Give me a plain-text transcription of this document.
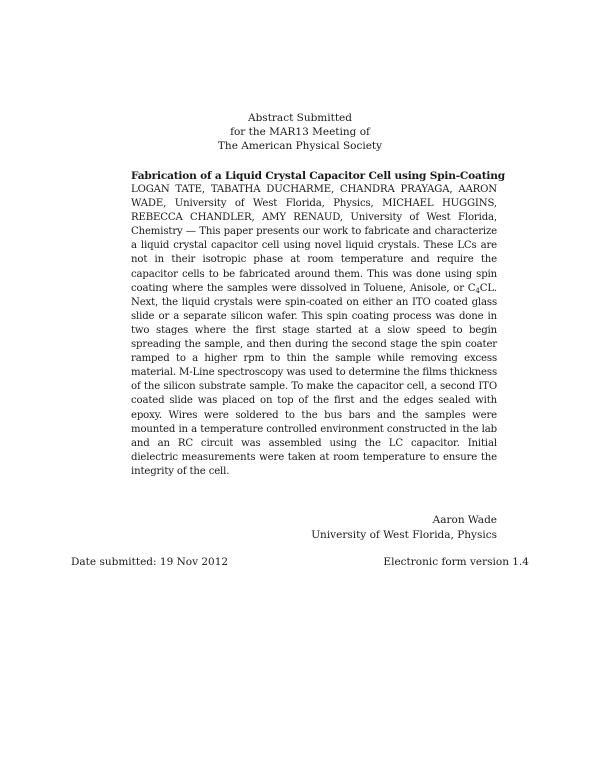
Abstract Submitted
for the MAR13 Meeting of
The American Physical Society
Fabrication of a Liquid Crystal Capacitor Cell using Spin-Coating
LOGAN TATE, TABATHA DUCHARME, CHANDRA PRAYAGA, AARON WADE, University of West Florida, Physics, MICHAEL HUGGINS, REBECCA CHANDLER, AMY RENAUD, University of West Florida, Chemistry — This paper presents our work to fabricate and characterize a liquid crystal capacitor cell using novel liquid crystals. These LCs are not in their isotropic phase at room temperature and require the capacitor cells to be fabricated around them. This was done using spin coating where the samples were dissolved in Toluene, Anisole, or $C_4CL$. Next, the liquid crystals were spin-coated on either an ITO coated glass slide or a separate silicon wafer. This spin coating process was done in two stages where the first stage started at a slow speed to begin spreading the sample, and then during the second stage the spin coater ramped to a higher rpm to thin the sample while removing excess material. M-Line spectroscopy was used to determine the films thickness of the silicon substrate sample. To make the capacitor cell, a second ITO coated slide was placed on top of the first and the edges sealed with epoxy. Wires were soldered to the bus bars and the samples were mounted in a temperature controlled environment constructed in the lab and an RC circuit was assembled using the LC capacitor. Initial dielectric measurements were taken at room temperature to ensure the integrity of the cell.
Aaron Wade
University of West Florida, Physics
Date submitted: 19 Nov 2012	Electronic form version 1.4
